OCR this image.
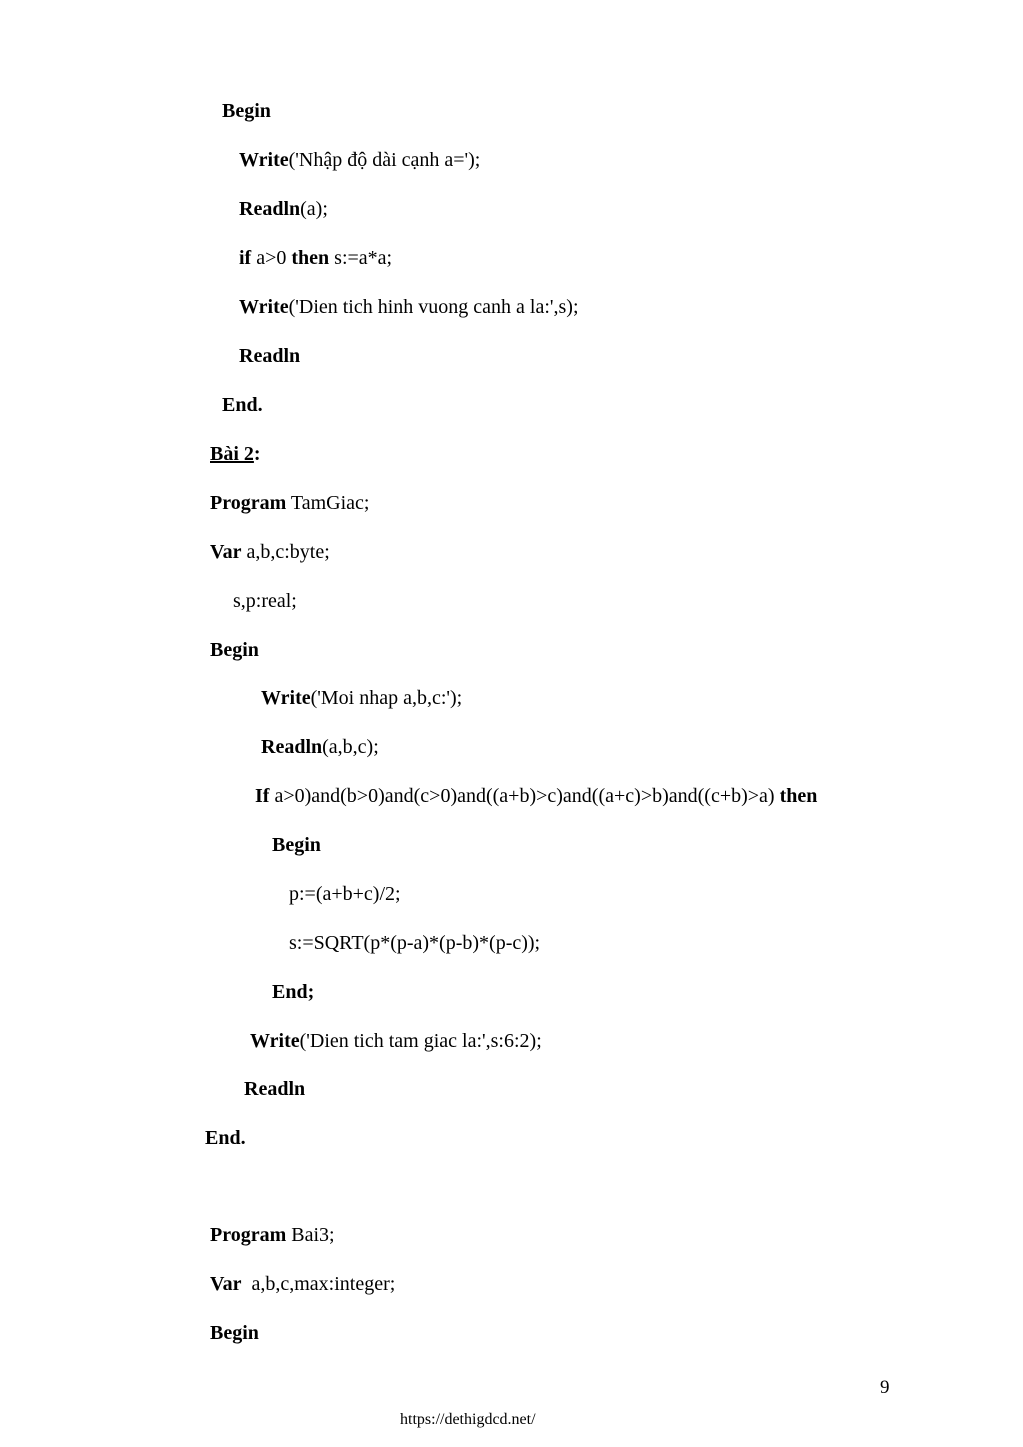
Begin
Write('Nhập độ dài cạnh a=');
Readln(a);
if a>0 then s:=a*a;
Write('Dien tich hinh vuong canh a la:',s);
Readln
End.
Bài 2:
Program TamGiac;
Var a,b,c:byte;
s,p:real;
Begin
Write('Moi nhap a,b,c:');
Readln(a,b,c);
If a>0)and(b>0)and(c>0)and((a+b)>c)and((a+c)>b)and((c+b)>a) then
Begin
p:=(a+b+c)/2;
s:=SQRT(p*(p-a)*(p-b)*(p-c));
End;
Write('Dien tich tam giac la:',s:6:2);
Readln
End.
Program Bai3;
Var  a,b,c,max:integer;
Begin
9
https://dethigdcd.net/
